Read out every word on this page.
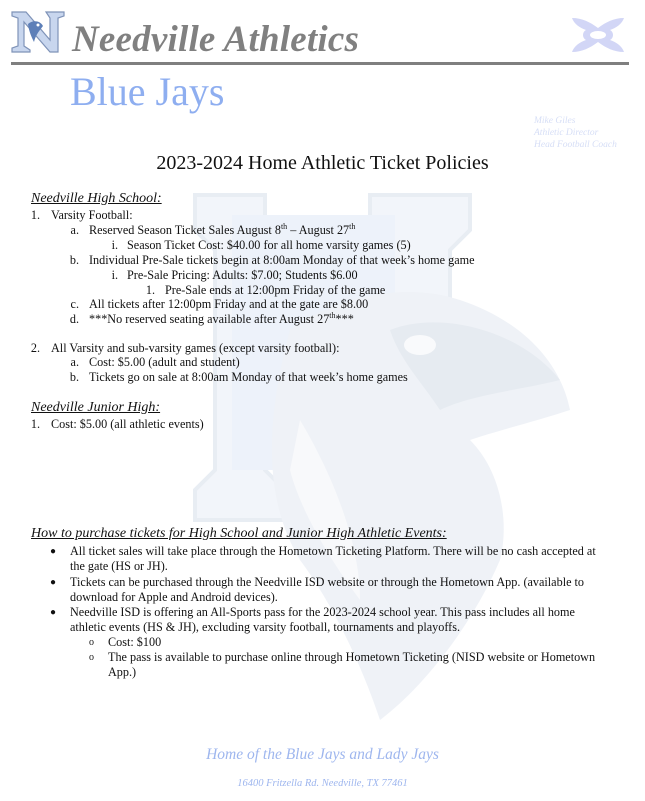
Needville Athletics
Blue Jays
Mike Giles
Athletic Director
Head Football Coach
2023-2024 Home Athletic Ticket Policies
Needville High School:
1. Varsity Football:
a. Reserved Season Ticket Sales August 8th – August 27th
i. Season Ticket Cost: $40.00 for all home varsity games (5)
b. Individual Pre-Sale tickets begin at 8:00am Monday of that week’s home game
i. Pre-Sale Pricing: Adults: $7.00; Students $6.00
1. Pre-Sale ends at 12:00pm Friday of the game
c. All tickets after 12:00pm Friday and at the gate are $8.00
d. ***No reserved seating available after August 27th***
2. All Varsity and sub-varsity games (except varsity football):
a. Cost: $5.00 (adult and student)
b. Tickets go on sale at 8:00am Monday of that week’s home games
Needville Junior High:
1. Cost: $5.00 (all athletic events)
How to purchase tickets for High School and Junior High Athletic Events:
● All ticket sales will take place through the Hometown Ticketing Platform. There will be no cash accepted at
the gate (HS or JH).
● Tickets can be purchased through the Needville ISD website or through the Hometown App. (available to
download for Apple and Android devices).
● Needville ISD is offering an All-Sports pass for the 2023-2024 school year. This pass includes all home
athletic events (HS & JH), excluding varsity football, tournaments and playoffs.
o Cost: $100
o The pass is available to purchase online through Hometown Ticketing (NISD website or Hometown
App.)
Home of the Blue Jays and Lady Jays
16400 Fritzella Rd. Needville, TX 77461
